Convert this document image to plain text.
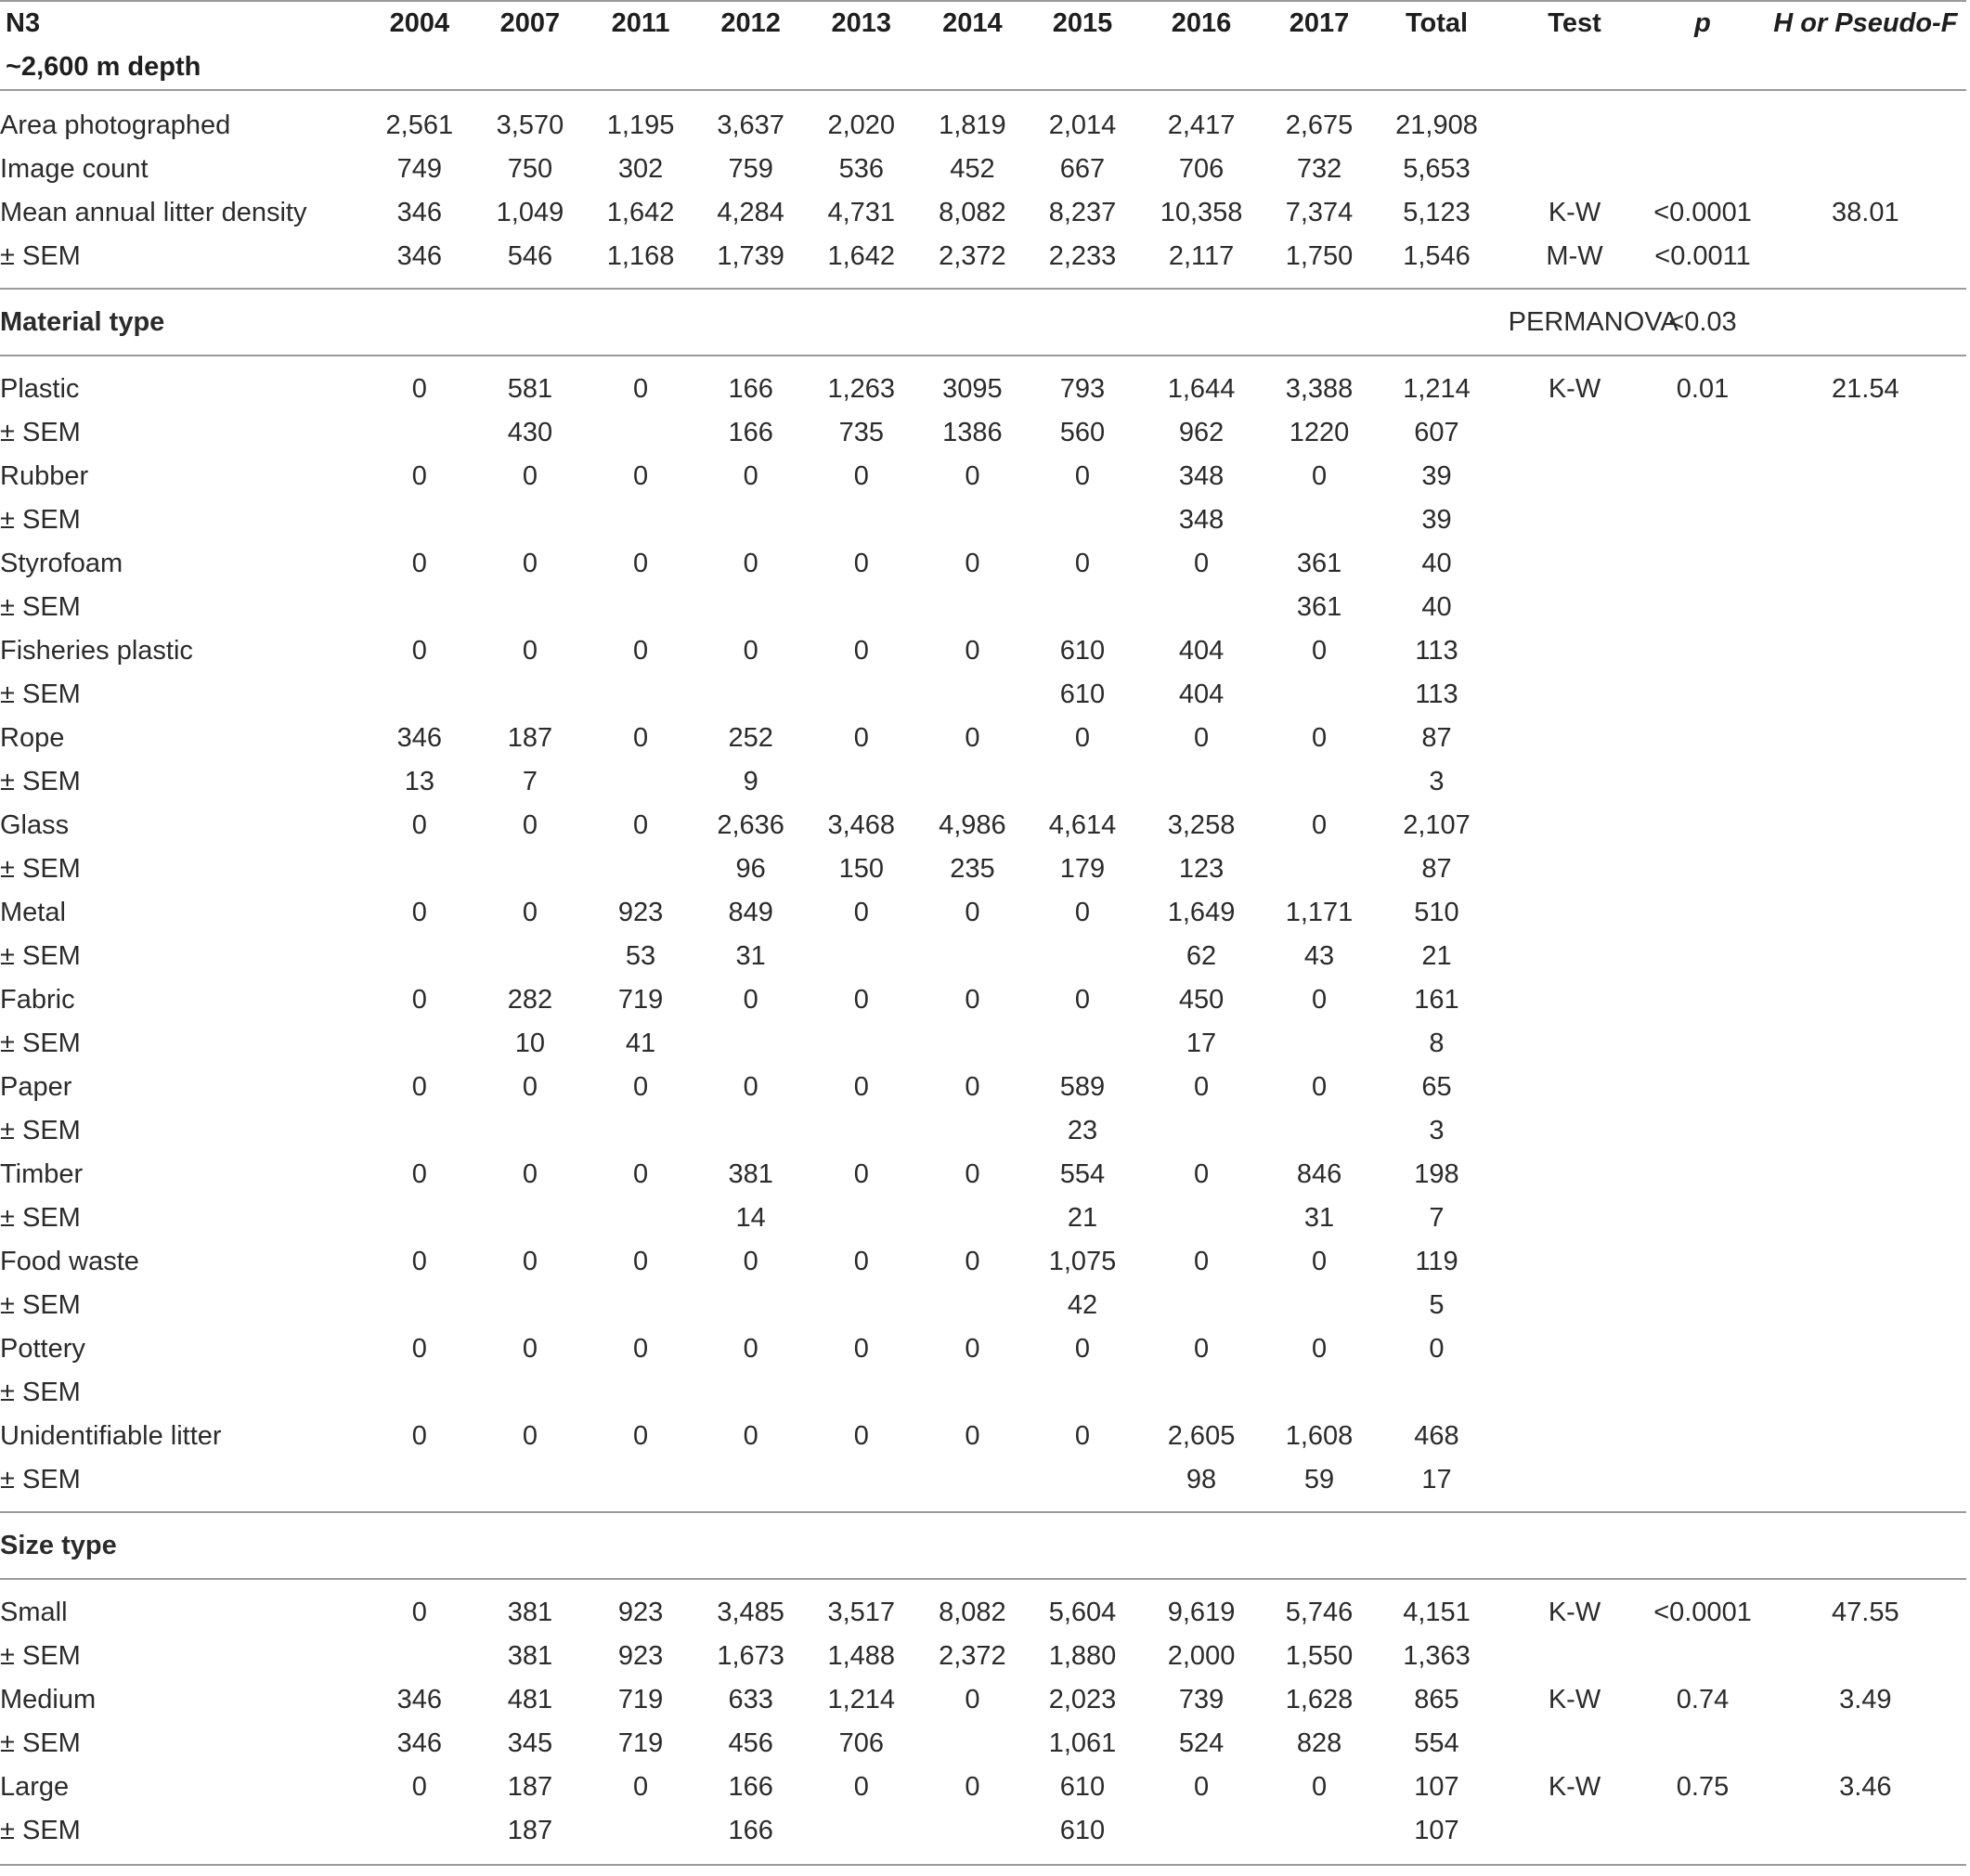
N3
~2,600 m depth	2004	2007	2011	2012	2013	2014	2015	2016	2017	Total	Test	p	H or Pseudo-F
Area photographed	2,561	3,570	1,195	3,637	2,020	1,819	2,014	2,417	2,675	21,908			
Image count	749	750	302	759	536	452	667	706	732	5,653			
Mean annual litter density	346	1,049	1,642	4,284	4,731	8,082	8,237	10,358	7,374	5,123	K-W	<0.0001	38.01
± SEM	346	546	1,168	1,739	1,642	2,372	2,233	2,117	1,750	1,546	M-W	<0.0011	
Material type											PERMANOVA	<0.03	
Plastic	0	581	0	166	1,263	3095	793	1,644	3,388	1,214	K-W	0.01	21.54
± SEM		430		166	735	1386	560	962	1220	607			
Rubber	0	0	0	0	0	0	0	348	0	39			
± SEM								348		39			
Styrofoam	0	0	0	0	0	0	0	0	361	40			
± SEM									361	40			
Fisheries plastic	0	0	0	0	0	0	610	404	0	113			
± SEM							610	404		113			
Rope	346	187	0	252	0	0	0	0	0	87			
± SEM	13	7		9						3			
Glass	0	0	0	2,636	3,468	4,986	4,614	3,258	0	2,107			
± SEM				96	150	235	179	123		87			
Metal	0	0	923	849	0	0	0	1,649	1,171	510			
± SEM			53	31				62	43	21			
Fabric	0	282	719	0	0	0	0	450	0	161			
± SEM		10	41					17		8			
Paper	0	0	0	0	0	0	589	0	0	65			
± SEM							23			3			
Timber	0	0	0	381	0	0	554	0	846	198			
± SEM				14			21		31	7			
Food waste	0	0	0	0	0	0	1,075	0	0	119			
± SEM							42			5			
Pottery	0	0	0	0	0	0	0	0	0	0			
± SEM													
Unidentifiable litter	0	0	0	0	0	0	0	2,605	1,608	468			
± SEM								98	59	17			
Size type													
Small	0	381	923	3,485	3,517	8,082	5,604	9,619	5,746	4,151	K-W	<0.0001	47.55
± SEM		381	923	1,673	1,488	2,372	1,880	2,000	1,550	1,363			
Medium	346	481	719	633	1,214	0	2,023	739	1,628	865	K-W	0.74	3.49
± SEM	346	345	719	456	706		1,061	524	828	554			
Large	0	187	0	166	0	0	610	0	0	107	K-W	0.75	3.46
± SEM		187		166			610			107			
